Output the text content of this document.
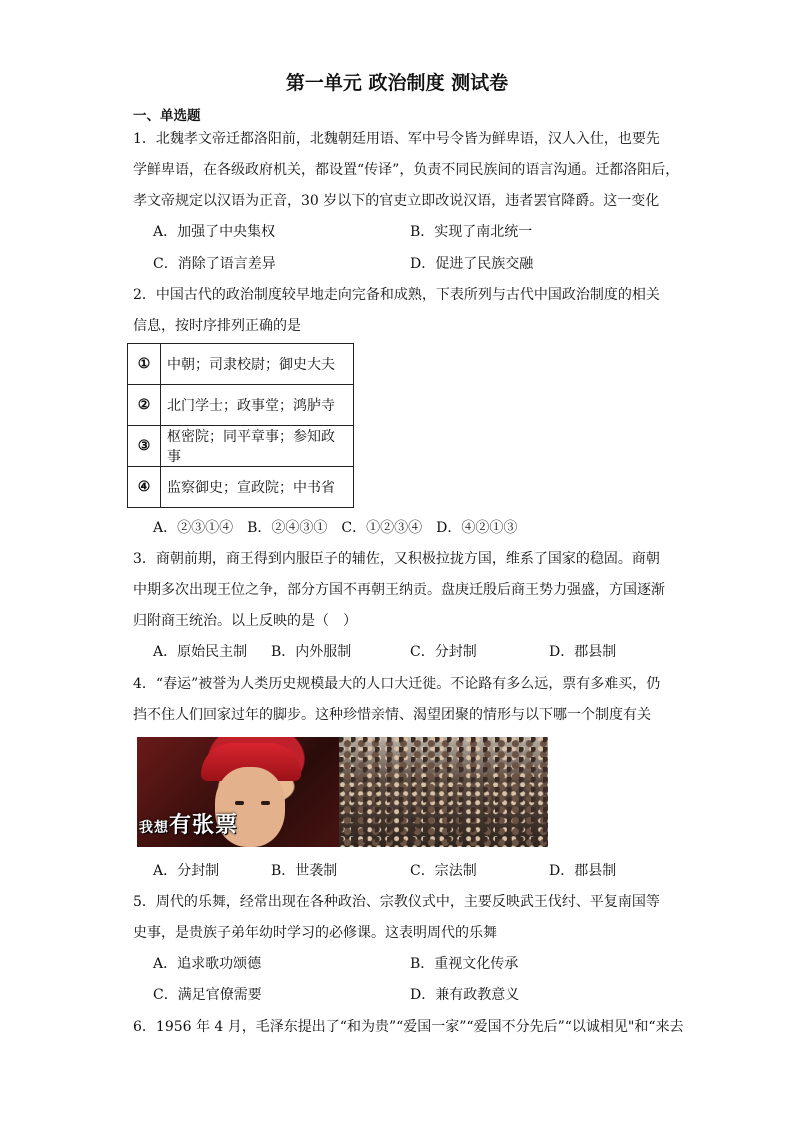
第一单元 政治制度 测试卷
一、单选题
1．北魏孝文帝迁都洛阳前，北魏朝廷用语、军中号令皆为鲜卑语，汉人入仕，也要先
学鲜卑语，在各级政府机关，都设置“传译”，负责不同民族间的语言沟通。迁都洛阳后，
孝文帝规定以汉语为正音，30 岁以下的官吏立即改说汉语，违者罢官降爵。这一变化
A．加强了中央集权	B．实现了南北统一
C．消除了语言差异	D．促进了民族交融
2．中国古代的政治制度较早地走向完备和成熟，下表所列与古代中国政治制度的相关
信息，按时序排列正确的是
①	中朝；司隶校尉；御史大夫
②	北门学士；政事堂；鸿胪寺
③	枢密院；同平章事；参知政事
④	监察御史；宣政院；中书省
A．②③①④　B．②④③①　C．①②③④　D．④②①③
3．商朝前期，商王得到内服臣子的辅佐，又积极拉拢方国，维系了国家的稳固。商朝
中期多次出现王位之争，部分方国不再朝王纳贡。盘庚迁殷后商王势力强盛，方国逐渐
归附商王统治。以上反映的是（　）
A．原始民主制 B．内外服制	C．分封制	D．郡县制
4．“春运”被誉为人类历史规模最大的人口大迁徙。不论路有多么远，票有多难买，仍
挡不住人们回家过年的脚步。这种珍惜亲情、渴望团聚的情形与以下哪一个制度有关
我想有张票
A．分封制	B．世袭制	C．宗法制	D．郡县制
5．周代的乐舞，经常出现在各种政治、宗教仪式中，主要反映武王伐纣、平复南国等
史事，是贵族子弟年幼时学习的必修课。这表明周代的乐舞
A．追求歌功颂德	B．重视文化传承
C．满足官僚需要	D．兼有政教意义
6．1956 年 4 月，毛泽东提出了“和为贵”“爱国一家”“爱国不分先后”“以诚相见"和“来去
